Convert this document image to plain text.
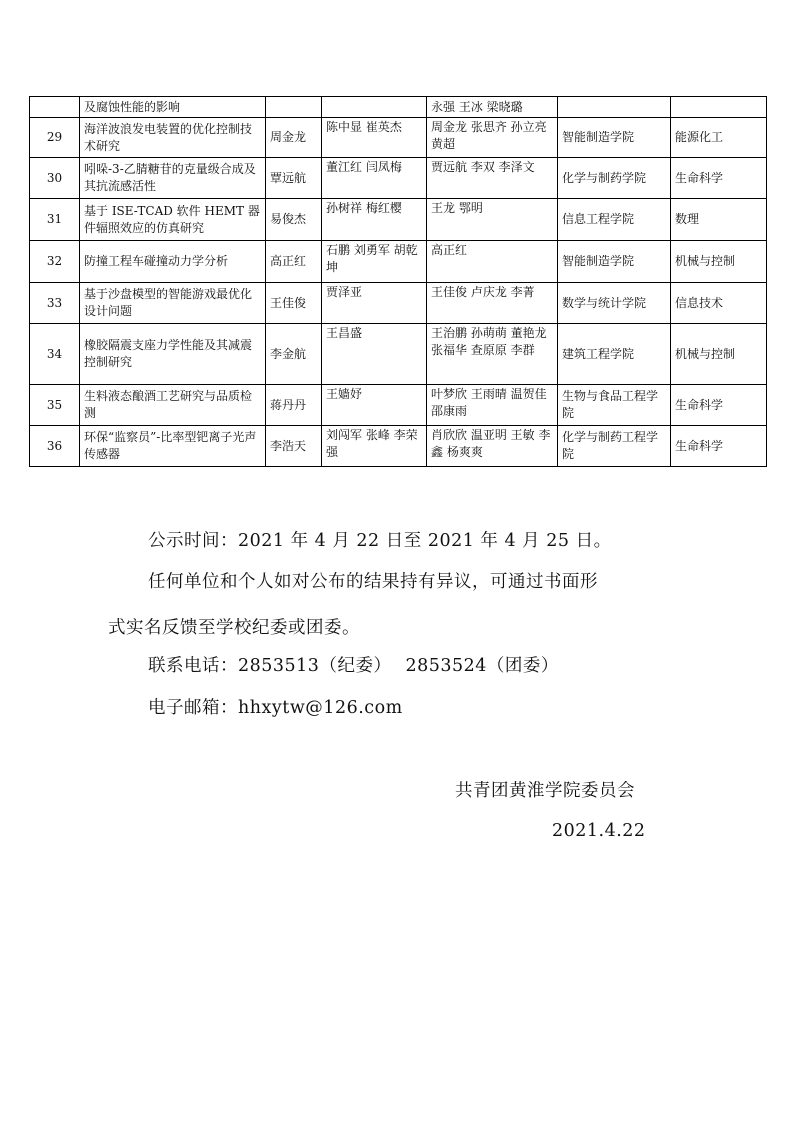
	及腐蚀性能的影响			永强 王冰 梁晓璐		
29	海洋波浪发电装置的优化控制技术研究	周金龙	陈中显 崔英杰	周金龙 张思齐 孙立亮 黄超	智能制造学院	能源化工
30	吲哚-3-乙腈糖苷的克量级合成及其抗流感活性	覃远航	董江红 闫凤梅	贾远航 李双 李泽文	化学与制药学院	生命科学
31	基于 ISE-TCAD 软件 HEMT 器件辐照效应的仿真研究	易俊杰	孙树祥 梅红樱	王龙 鄂明	信息工程学院	数理
32	防撞工程车碰撞动力学分析	高正红	石鹏 刘勇军 胡乾坤	高正红	智能制造学院	机械与控制
33	基于沙盘模型的智能游戏最优化设计问题	王佳俊	贾泽亚	王佳俊 卢庆龙 李菁	数学与统计学院	信息技术
34	橡胶隔震支座力学性能及其减震控制研究	李金航	王昌盛	王治鹏 孙萌萌 董艳龙 张福华 查原原 李群	建筑工程学院	机械与控制
35	生料液态酿酒工艺研究与品质检测	蒋丹丹	王嫱妤	叶梦欣 王雨晴 温贺佳 邵康雨	生物与食品工程学院	生命科学
36	环保“监察员”-比率型钯离子光声传感器	李浩天	刘闯军 张峰 李荣强	肖欣欣 温亚明 王敏 李鑫 杨爽爽	化学与制药工程学院	生命科学
公示时间：2021 年 4 月 22 日至 2021 年 4 月 25 日。
任何单位和个人如对公布的结果持有异议，可通过书面形
式实名反馈至学校纪委或团委。
联系电话：2853513（纪委） 2853524（团委）
电子邮箱：hhxytw@126.com
共青团黄淮学院委员会
2021.4.22
